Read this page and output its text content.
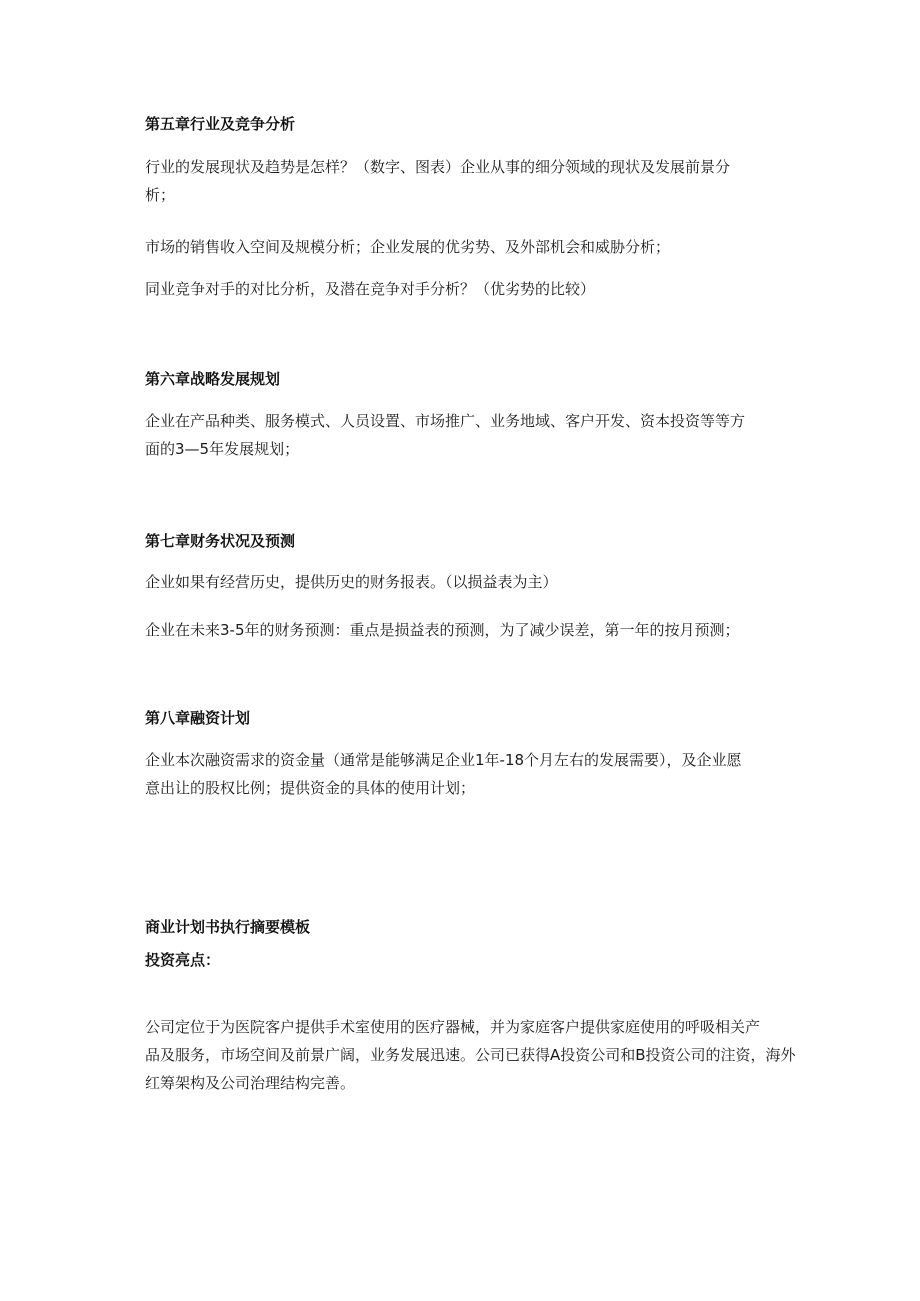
第五章行业及竞争分析
行业的发展现状及趋势是怎样？（数字、图表）企业从事的细分领域的现状及发展前景分
析；
市场的销售收入空间及规模分析；企业发展的优劣势、及外部机会和威胁分析；
同业竞争对手的对比分析，及潜在竞争对手分析？（优劣势的比较）
第六章战略发展规划
企业在产品种类、服务模式、人员设置、市场推广、业务地域、客户开发、资本投资等等方
面的3—5年发展规划；
第七章财务状况及预测
企业如果有经营历史，提供历史的财务报表。（以损益表为主）
企业在未来3-5年的财务预测：重点是损益表的预测，为了减少误差，第一年的按月预测；
第八章融资计划
企业本次融资需求的资金量（通常是能够满足企业1年-18个月左右的发展需要），及企业愿
意出让的股权比例；提供资金的具体的使用计划；
商业计划书执行摘要模板
投资亮点：
公司定位于为医院客户提供手术室使用的医疗器械，并为家庭客户提供家庭使用的呼吸相关产
品及服务，市场空间及前景广阔，业务发展迅速。公司已获得A投资公司和B投资公司的注资，海外
红筹架构及公司治理结构完善。
